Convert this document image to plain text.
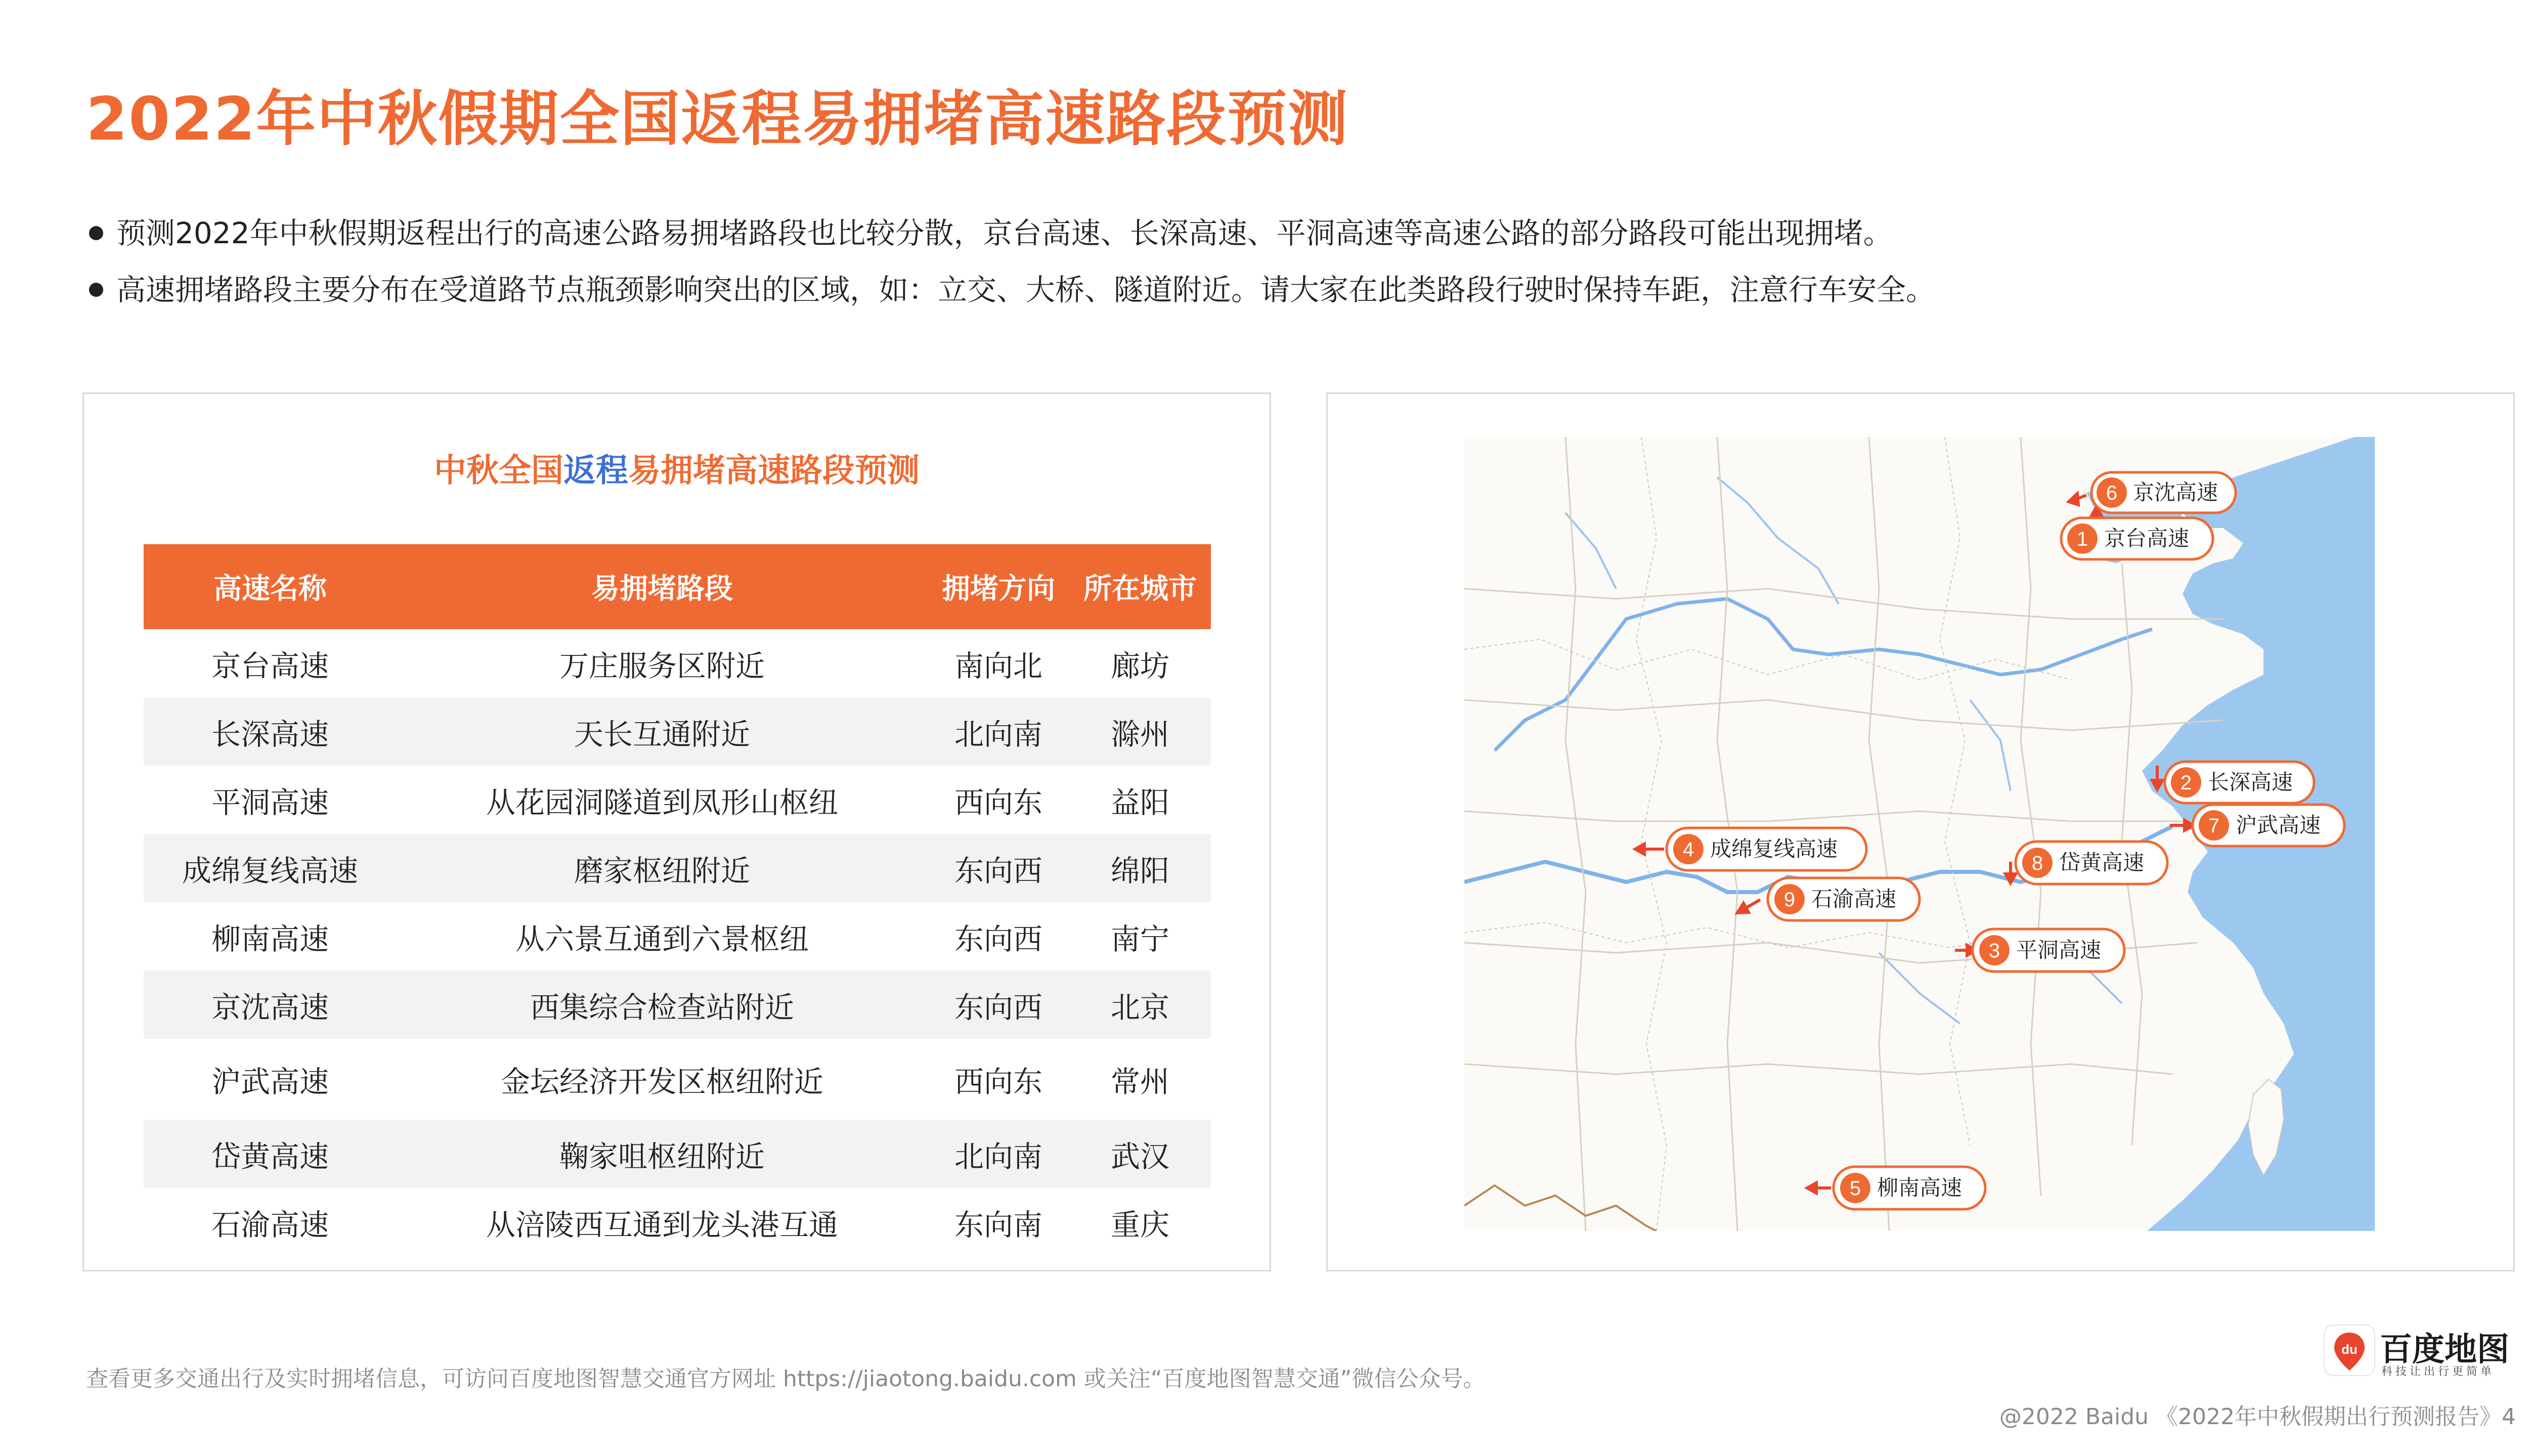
2022年中秋假期全国返程易拥堵高速路段预测
预测2022年中秋假期返程出行的高速公路易拥堵路段也比较分散，京台高速、长深高速、平洞高速等高速公路的部分路段可能出现拥堵。
高速拥堵路段主要分布在受道路节点瓶颈影响突出的区域，如：立交、大桥、隧道附近。请大家在此类路段行驶时保持车距，注意行车安全。
中秋全国返程易拥堵高速路段预测
高速名称	易拥堵路段	拥堵方向	所在城市
京台高速	万庄服务区附近	南向北	廊坊
长深高速	天长互通附近	北向南	滁州
平洞高速	从花园洞隧道到凤形山枢纽	西向东	益阳
成绵复线高速	磨家枢纽附近	东向西	绵阳
柳南高速	从六景互通到六景枢纽	东向西	南宁
京沈高速	西集综合检查站附近	东向西	北京
沪武高速	金坛经济开发区枢纽附近	西向东	常州
岱黄高速	鞠家咀枢纽附近	北向南	武汉
石渝高速	从涪陵西互通到龙头港互通	东向南	重庆
6 京沈高速
1 京台高速
2 长深高速
7 沪武高速
4 成绵复线高速
8 岱黄高速
9 石渝高速
3 平洞高速
5 柳南高速
查看更多交通出行及实时拥堵信息，可访问百度地图智慧交通官方网址 https://jiaotong.baidu.com 或关注“百度地图智慧交通”微信公众号。
du 百度地图
科技让出行更简单
@2022 Baidu 《2022年中秋假期出行预测报告》4
